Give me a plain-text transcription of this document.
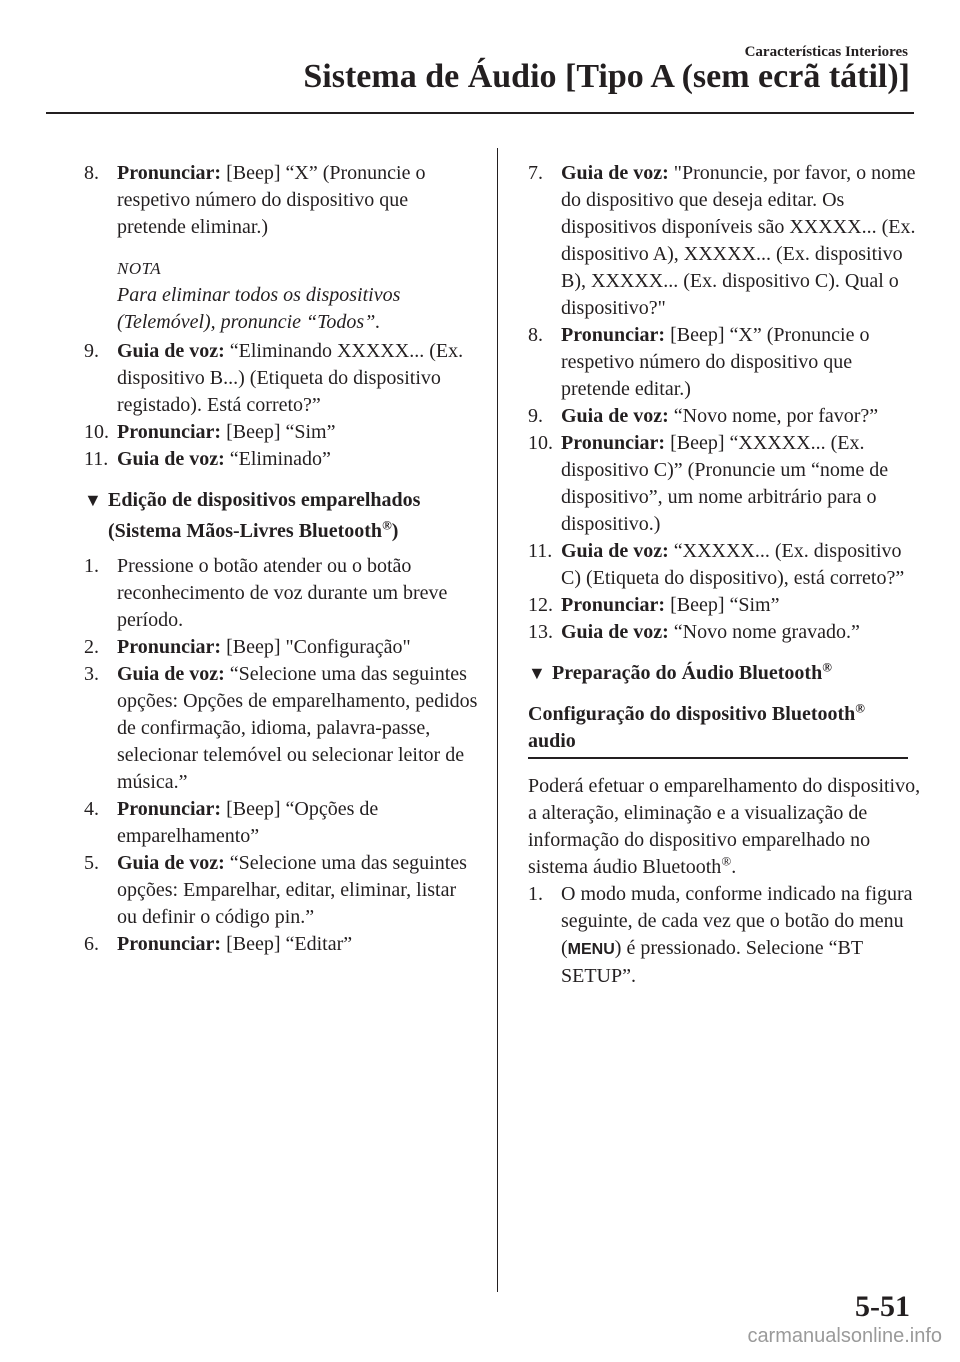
Características Interiores
Sistema de Áudio [Tipo A (sem ecrã tátil)]
8. Pronunciar: [Beep] “X” (Pronuncie o respetivo número do dispositivo que pretende eliminar.)
NOTA
Para eliminar todos os dispositivos (Telemóvel), pronuncie “Todos”.
9. Guia de voz: “Eliminando XXXXX... (Ex. dispositivo B...) (Etiqueta do dispositivo registado). Está correto?”
10. Pronunciar: [Beep] “Sim”
11. Guia de voz: “Eliminado”
▼ Edição de dispositivos emparelhados
(Sistema Mãos-Livres Bluetooth®)
1. Pressione o botão atender ou o botão reconhecimento de voz durante um breve período.
2. Pronunciar: [Beep] "Configuração"
3. Guia de voz: “Selecione uma das seguintes opções: Opções de emparelhamento, pedidos de confirmação, idioma, palavra-passe, selecionar telemóvel ou selecionar leitor de música.”
4. Pronunciar: [Beep] “Opções de emparelhamento”
5. Guia de voz: “Selecione uma das seguintes opções: Emparelhar, editar, eliminar, listar ou definir o código pin.”
6. Pronunciar: [Beep] “Editar”
7. Guia de voz: "Pronuncie, por favor, o nome do dispositivo que deseja editar. Os dispositivos disponíveis são XXXXX... (Ex. dispositivo A), XXXXX... (Ex. dispositivo B), XXXXX... (Ex. dispositivo C). Qual o dispositivo?"
8. Pronunciar: [Beep] “X” (Pronuncie o respetivo número do dispositivo que pretende editar.)
9. Guia de voz: “Novo nome, por favor?”
10. Pronunciar: [Beep] “XXXXX... (Ex. dispositivo C)” (Pronuncie um “nome de dispositivo”, um nome arbitrário para o dispositivo.)
11. Guia de voz: “XXXXX... (Ex. dispositivo C) (Etiqueta do dispositivo), está correto?”
12. Pronunciar: [Beep] “Sim”
13. Guia de voz: “Novo nome gravado.”
▼ Preparação do Áudio Bluetooth®
Configuração do dispositivo Bluetooth® audio
Poderá efetuar o emparelhamento do dispositivo, a alteração, eliminação e a visualização de informação do dispositivo emparelhado no sistema áudio Bluetooth®.
1. O modo muda, conforme indicado na figura seguinte, de cada vez que o botão do menu (MENU) é pressionado. Selecione “BT SETUP”.
5-51
carmanualsonline.info
